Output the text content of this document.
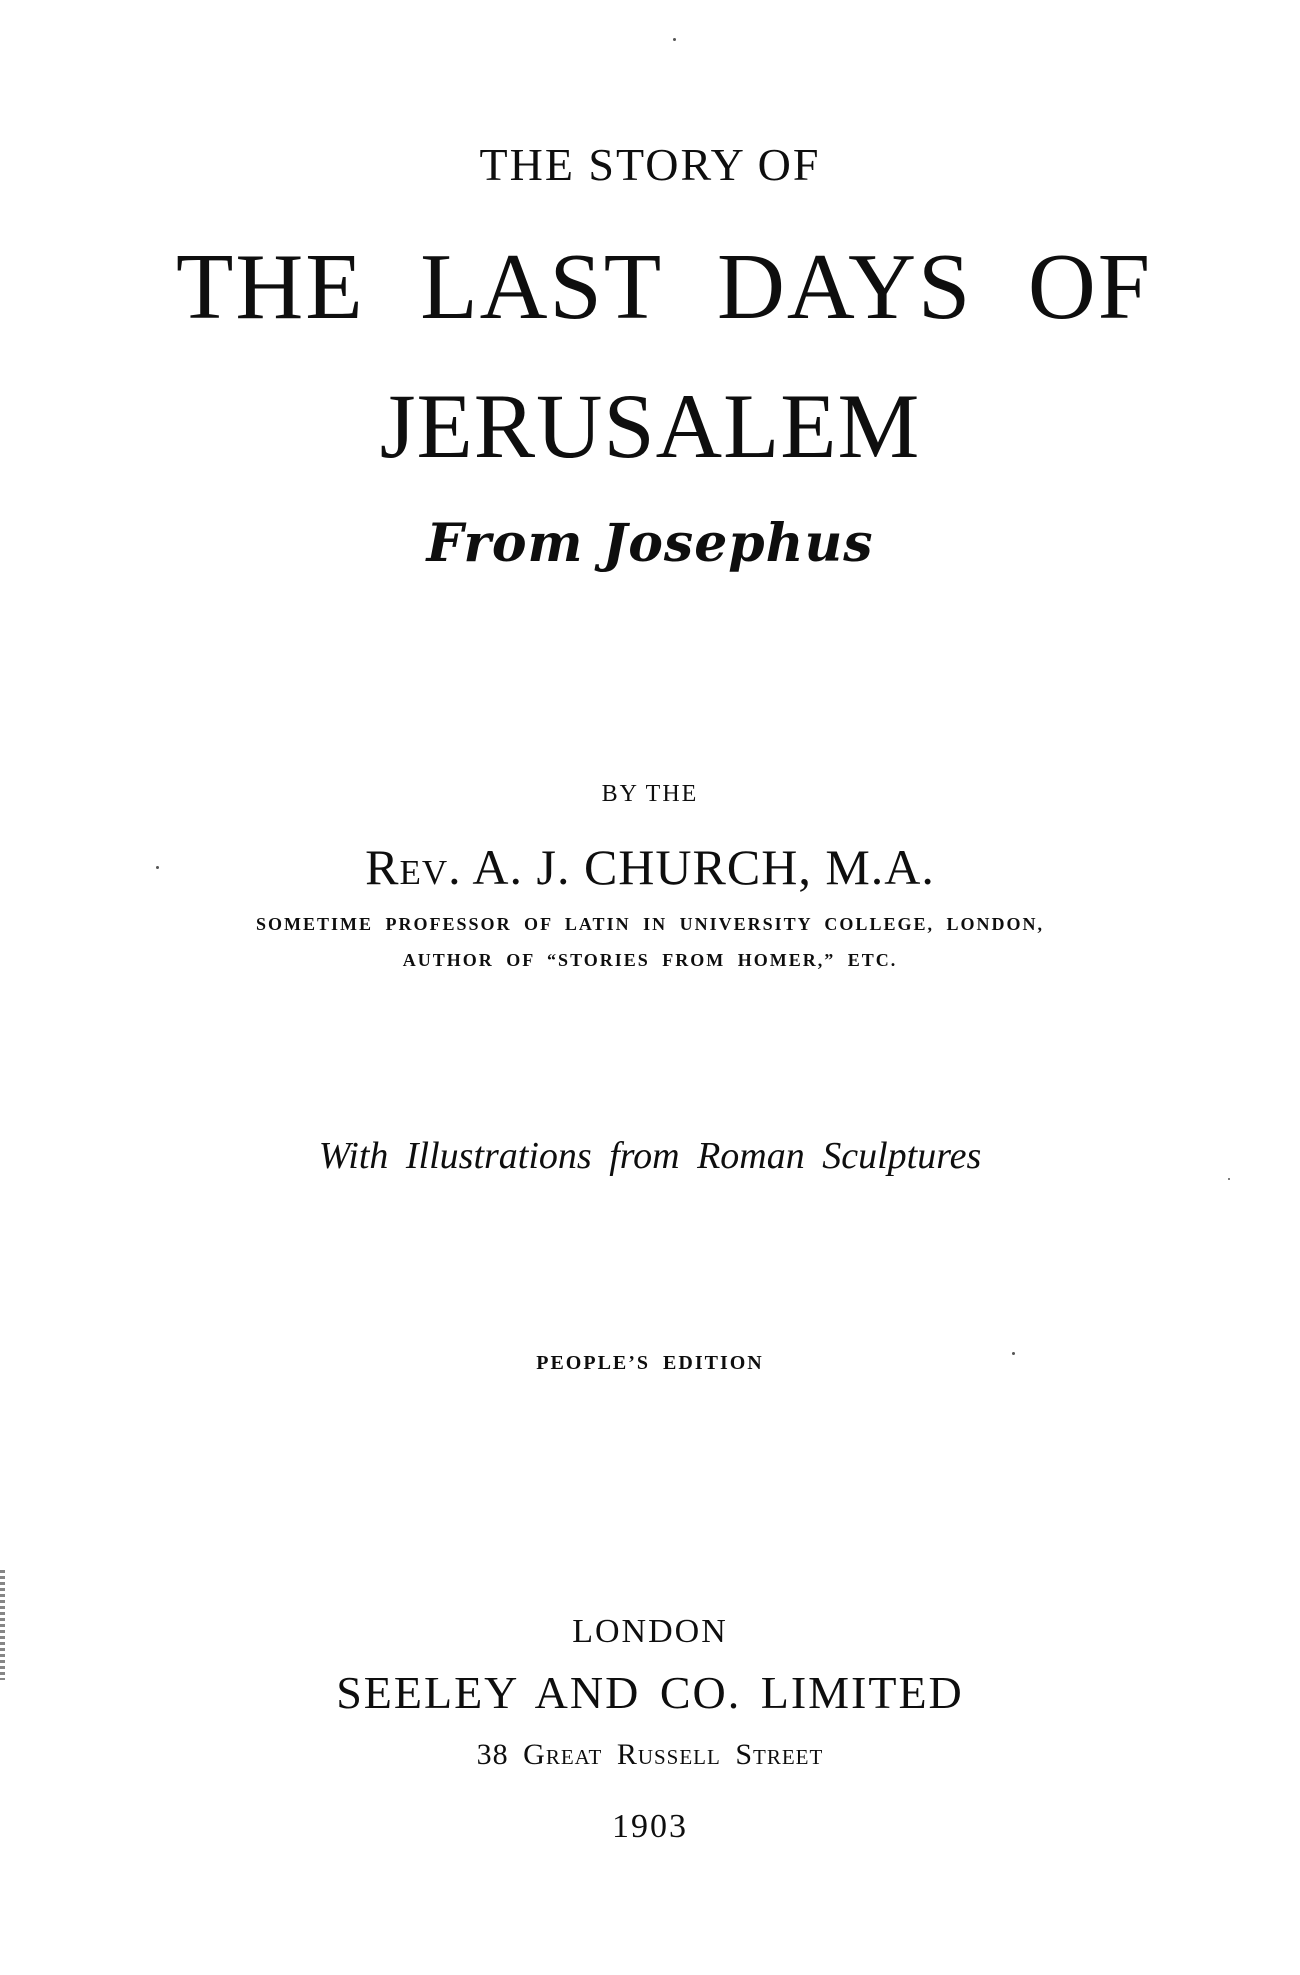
THE STORY OF

THE LAST DAYS OF

JERUSALEM

From Josephus

BY THE

Rev. A. J. CHURCH, M.A.

SOMETIME PROFESSOR OF LATIN IN UNIVERSITY COLLEGE, LONDON,

AUTHOR OF “STORIES FROM HOMER,” ETC.

With Illustrations from Roman Sculptures

PEOPLE’S EDITION

LONDON

SEELEY AND CO. LIMITED

38 Great Russell Street

1903
